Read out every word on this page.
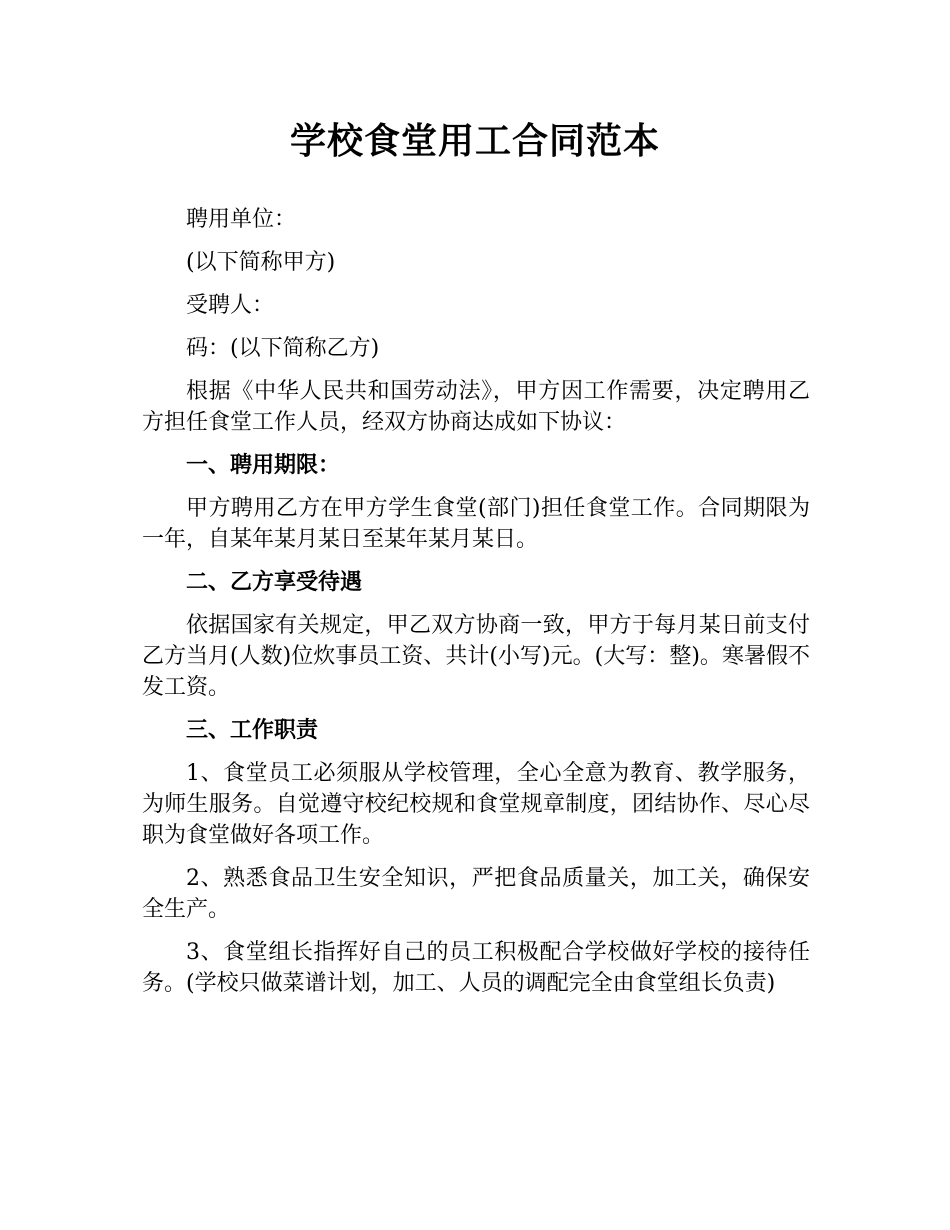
学校食堂用工合同范本

聘用单位：

(以下简称甲方)

受聘人：

码：(以下简称乙方)

根据《中华人民共和国劳动法》，甲方因工作需要，决定聘用乙方担任食堂工作人员，经双方协商达成如下协议：

一、聘用期限：

甲方聘用乙方在甲方学生食堂(部门)担任食堂工作。合同期限为一年，自某年某月某日至某年某月某日。

二、乙方享受待遇

依据国家有关规定，甲乙双方协商一致，甲方于每月某日前支付乙方当月(人数)位炊事员工资、共计(小写)元。(大写：整)。寒暑假不发工资。

三、工作职责

1、食堂员工必须服从学校管理，全心全意为教育、教学服务，为师生服务。自觉遵守校纪校规和食堂规章制度，团结协作、尽心尽职为食堂做好各项工作。

2、熟悉食品卫生安全知识，严把食品质量关，加工关，确保安全生产。

3、食堂组长指挥好自己的员工积极配合学校做好学校的接待任务。(学校只做菜谱计划，加工、人员的调配完全由食堂组长负责)
